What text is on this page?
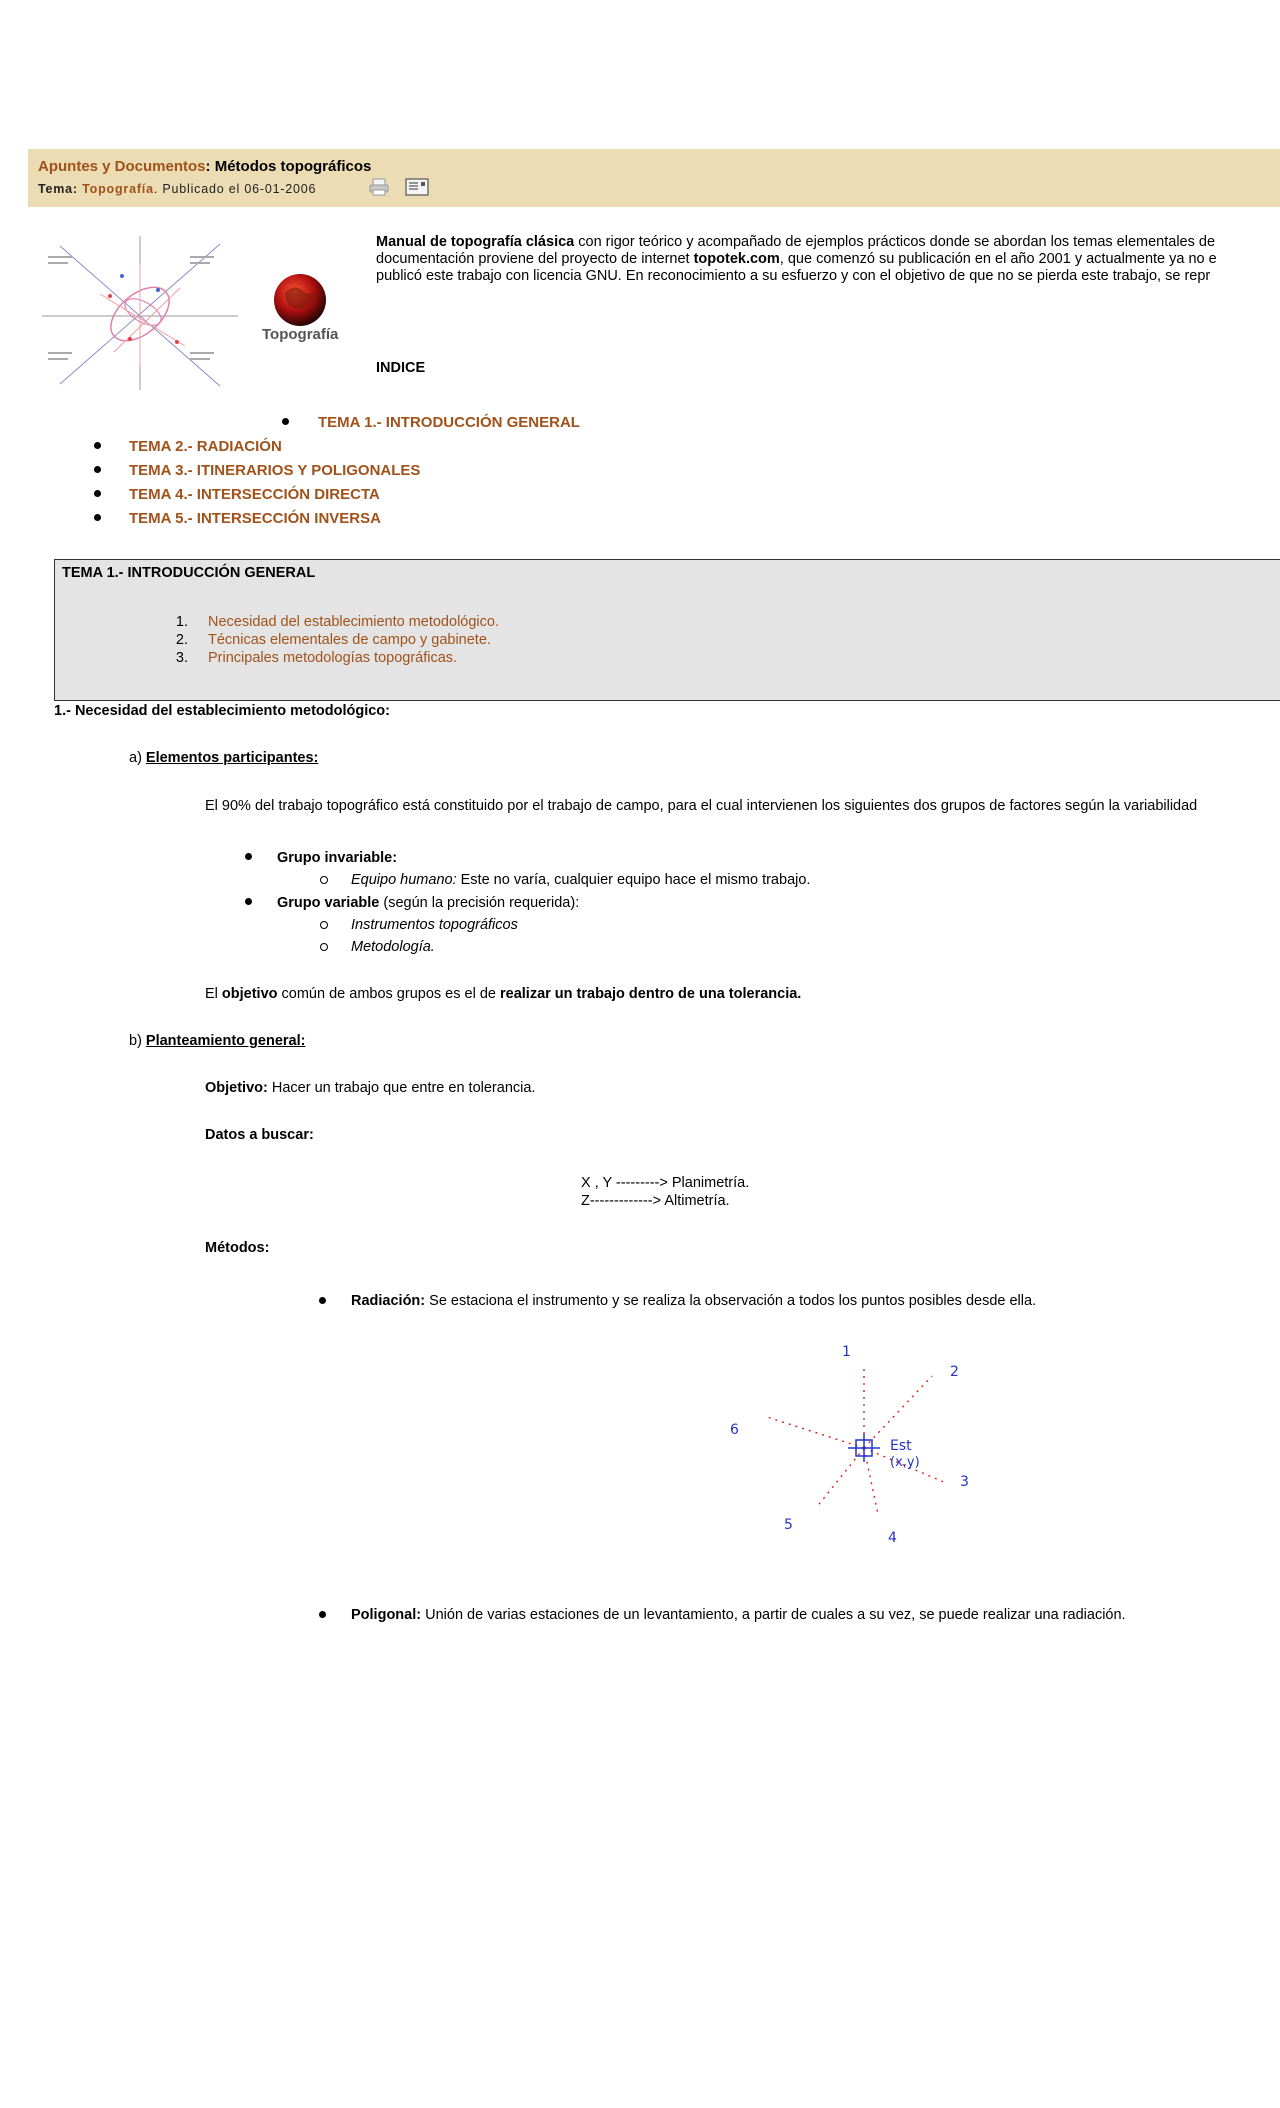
Apuntes y Documentos: Métodos topográficos
Tema: Topografía. Publicado el 06-01-2006
Topografía
Manual de topografía clásica con rigor teórico y acompañado de ejemplos prácticos donde se abordan los temas elementales de
documentación proviene del proyecto de internet topotek.com, que comenzó su publicación en el año 2001 y actualmente ya no e
publicó este trabajo con licencia GNU. En reconocimiento a su esfuerzo y con el objetivo de que no se pierda este trabajo, se repr
INDICE
TEMA 1.- INTRODUCCIÓN GENERAL
TEMA 2.- RADIACIÓN
TEMA 3.- ITINERARIOS Y POLIGONALES
TEMA 4.- INTERSECCIÓN DIRECTA
TEMA 5.- INTERSECCIÓN INVERSA
TEMA 1.- INTRODUCCIÓN GENERAL
1. Necesidad del establecimiento metodológico.
2. Técnicas elementales de campo y gabinete.
3. Principales metodologías topográficas.
1.- Necesidad del establecimiento metodológico:
a) Elementos participantes:
El 90% del trabajo topográfico está constituido por el trabajo de campo, para el cual intervienen los siguientes dos grupos de factores según la variabilidad
Grupo invariable:
Equipo humano: Este no varía, cualquier equipo hace el mismo trabajo.
Grupo variable (según la precisión requerida):
Instrumentos topográficos
Metodología.
El objetivo común de ambos grupos es el de realizar un trabajo dentro de una tolerancia.
b) Planteamiento general:
Objetivo: Hacer un trabajo que entre en tolerancia.
Datos a buscar:
X , Y ---------> Planimetría.
Z-------------> Altimetría.
Métodos:
Radiación: Se estaciona el instrumento y se realiza la observación a todos los puntos posibles desde ella.
Est
(x,y)
1
2
3
4
5
6
Poligonal: Unión de varias estaciones de un levantamiento, a partir de cuales a su vez, se puede realizar una radiación.
